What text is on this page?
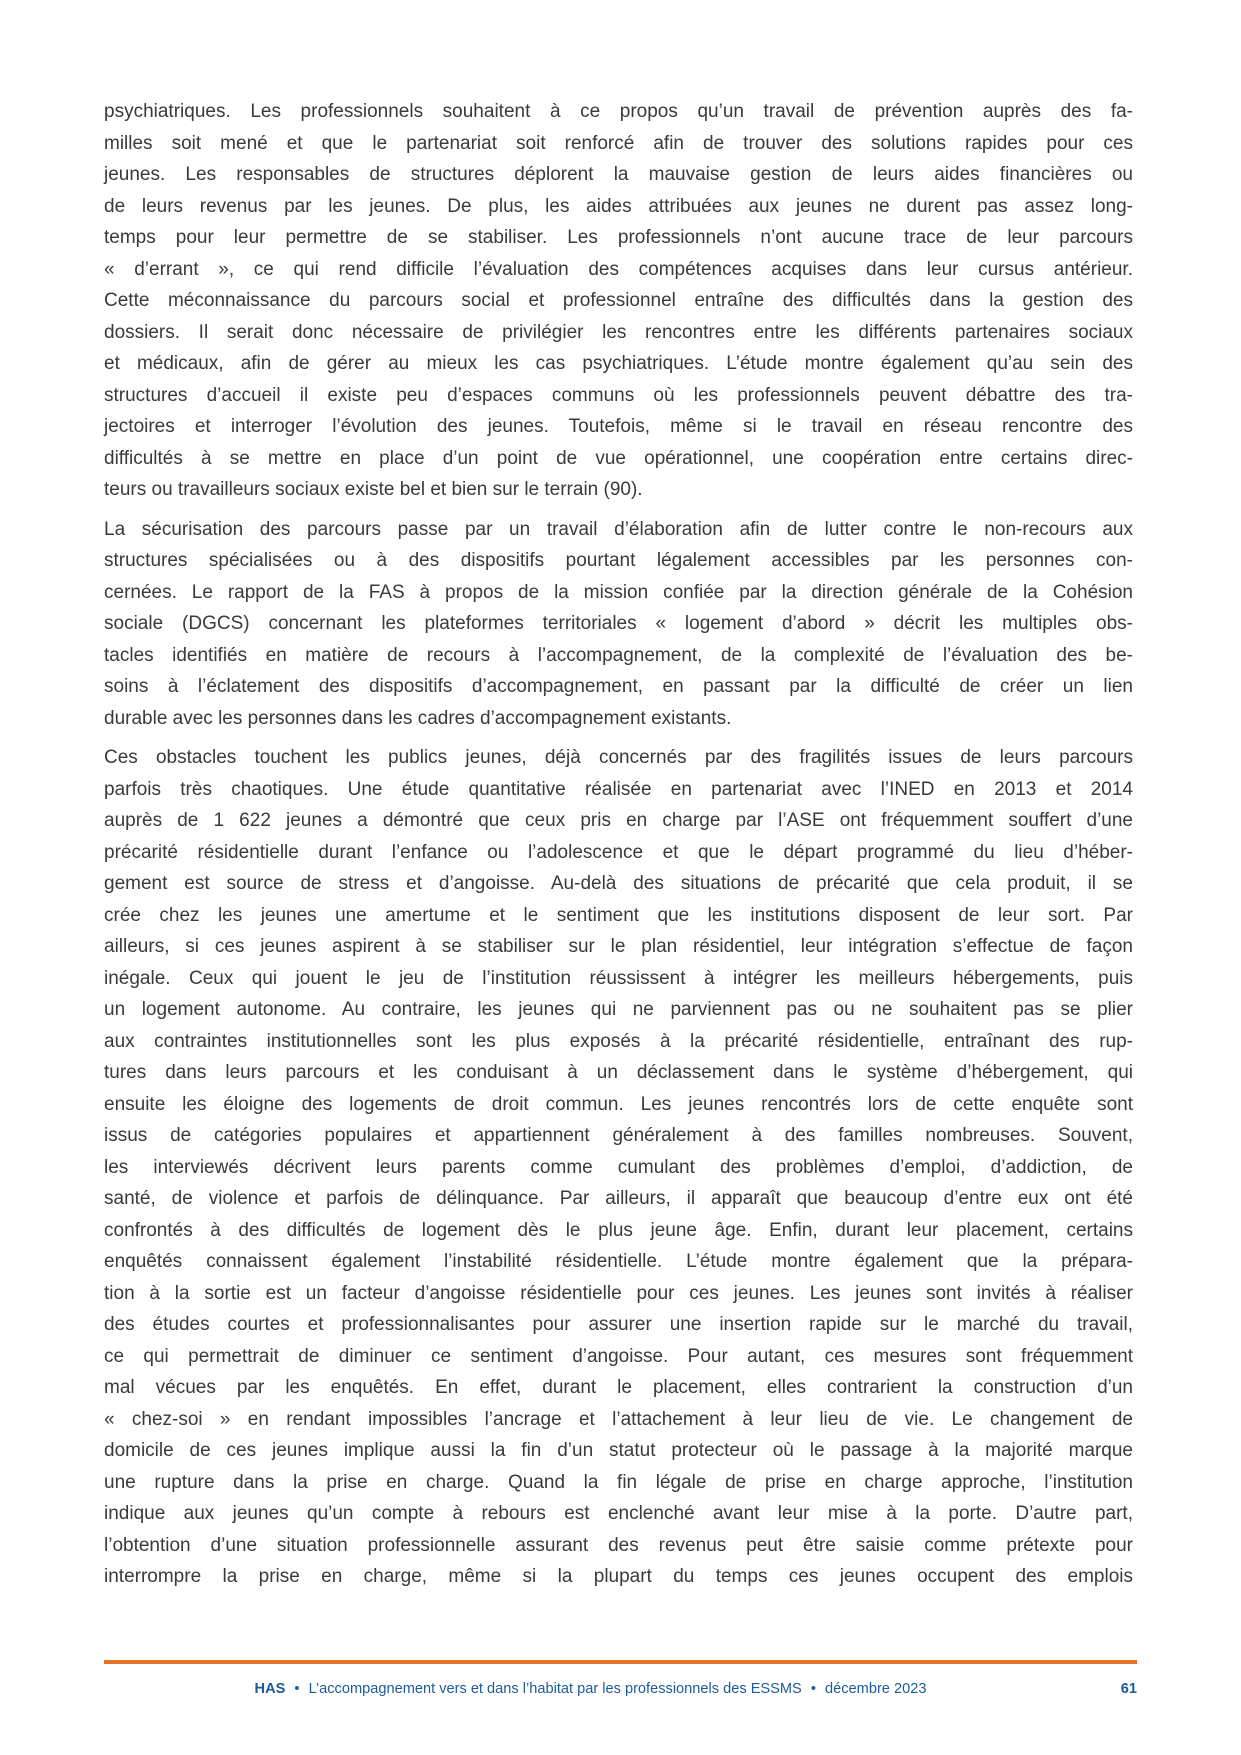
psychiatriques. Les professionnels souhaitent à ce propos qu’un travail de prévention auprès des fa-
milles soit mené et que le partenariat soit renforcé afin de trouver des solutions rapides pour ces
jeunes. Les responsables de structures déplorent la mauvaise gestion de leurs aides financières ou
de leurs revenus par les jeunes. De plus, les aides attribuées aux jeunes ne durent pas assez long-
temps pour leur permettre de se stabiliser. Les professionnels n’ont aucune trace de leur parcours
« d’errant », ce qui rend difficile l’évaluation des compétences acquises dans leur cursus antérieur.
Cette méconnaissance du parcours social et professionnel entraîne des difficultés dans la gestion des
dossiers. Il serait donc nécessaire de privilégier les rencontres entre les différents partenaires sociaux
et médicaux, afin de gérer au mieux les cas psychiatriques. L’étude montre également qu’au sein des
structures d’accueil il existe peu d’espaces communs où les professionnels peuvent débattre des tra-
jectoires et interroger l’évolution des jeunes. Toutefois, même si le travail en réseau rencontre des
difficultés à se mettre en place d’un point de vue opérationnel, une coopération entre certains direc-
teurs ou travailleurs sociaux existe bel et bien sur le terrain (90).
La sécurisation des parcours passe par un travail d’élaboration afin de lutter contre le non-recours aux
structures spécialisées ou à des dispositifs pourtant légalement accessibles par les personnes con-
cernées. Le rapport de la FAS à propos de la mission confiée par la direction générale de la Cohésion
sociale (DGCS) concernant les plateformes territoriales « logement d’abord » décrit les multiples obs-
tacles identifiés en matière de recours à l’accompagnement, de la complexité de l’évaluation des be-
soins à l’éclatement des dispositifs d’accompagnement, en passant par la difficulté de créer un lien
durable avec les personnes dans les cadres d’accompagnement existants.
Ces obstacles touchent les publics jeunes, déjà concernés par des fragilités issues de leurs parcours
parfois très chaotiques. Une étude quantitative réalisée en partenariat avec l’INED en 2013 et 2014
auprès de 1 622 jeunes a démontré que ceux pris en charge par l’ASE ont fréquemment souffert d’une
précarité résidentielle durant l’enfance ou l’adolescence et que le départ programmé du lieu d’héber-
gement est source de stress et d’angoisse. Au-delà des situations de précarité que cela produit, il se
crée chez les jeunes une amertume et le sentiment que les institutions disposent de leur sort. Par
ailleurs, si ces jeunes aspirent à se stabiliser sur le plan résidentiel, leur intégration s’effectue de façon
inégale. Ceux qui jouent le jeu de l’institution réussissent à intégrer les meilleurs hébergements, puis
un logement autonome. Au contraire, les jeunes qui ne parviennent pas ou ne souhaitent pas se plier
aux contraintes institutionnelles sont les plus exposés à la précarité résidentielle, entraînant des rup-
tures dans leurs parcours et les conduisant à un déclassement dans le système d’hébergement, qui
ensuite les éloigne des logements de droit commun. Les jeunes rencontrés lors de cette enquête sont
issus de catégories populaires et appartiennent généralement à des familles nombreuses. Souvent,
les interviewés décrivent leurs parents comme cumulant des problèmes d’emploi, d’addiction, de
santé, de violence et parfois de délinquance. Par ailleurs, il apparaît que beaucoup d’entre eux ont été
confrontés à des difficultés de logement dès le plus jeune âge. Enfin, durant leur placement, certains
enquêtés connaissent également l’instabilité résidentielle. L’étude montre également que la prépara-
tion à la sortie est un facteur d’angoisse résidentielle pour ces jeunes. Les jeunes sont invités à réaliser
des études courtes et professionnalisantes pour assurer une insertion rapide sur le marché du travail,
ce qui permettrait de diminuer ce sentiment d’angoisse. Pour autant, ces mesures sont fréquemment
mal vécues par les enquêtés. En effet, durant le placement, elles contrarient la construction d’un
« chez-soi » en rendant impossibles l’ancrage et l’attachement à leur lieu de vie. Le changement de
domicile de ces jeunes implique aussi la fin d’un statut protecteur où le passage à la majorité marque
une rupture dans la prise en charge. Quand la fin légale de prise en charge approche, l’institution
indique aux jeunes qu’un compte à rebours est enclenché avant leur mise à la porte. D’autre part,
l’obtention d’une situation professionnelle assurant des revenus peut être saisie comme prétexte pour
interrompre la prise en charge, même si la plupart du temps ces jeunes occupent des emplois
HAS • L’accompagnement vers et dans l’habitat par les professionnels des ESSMS • décembre 2023	61
